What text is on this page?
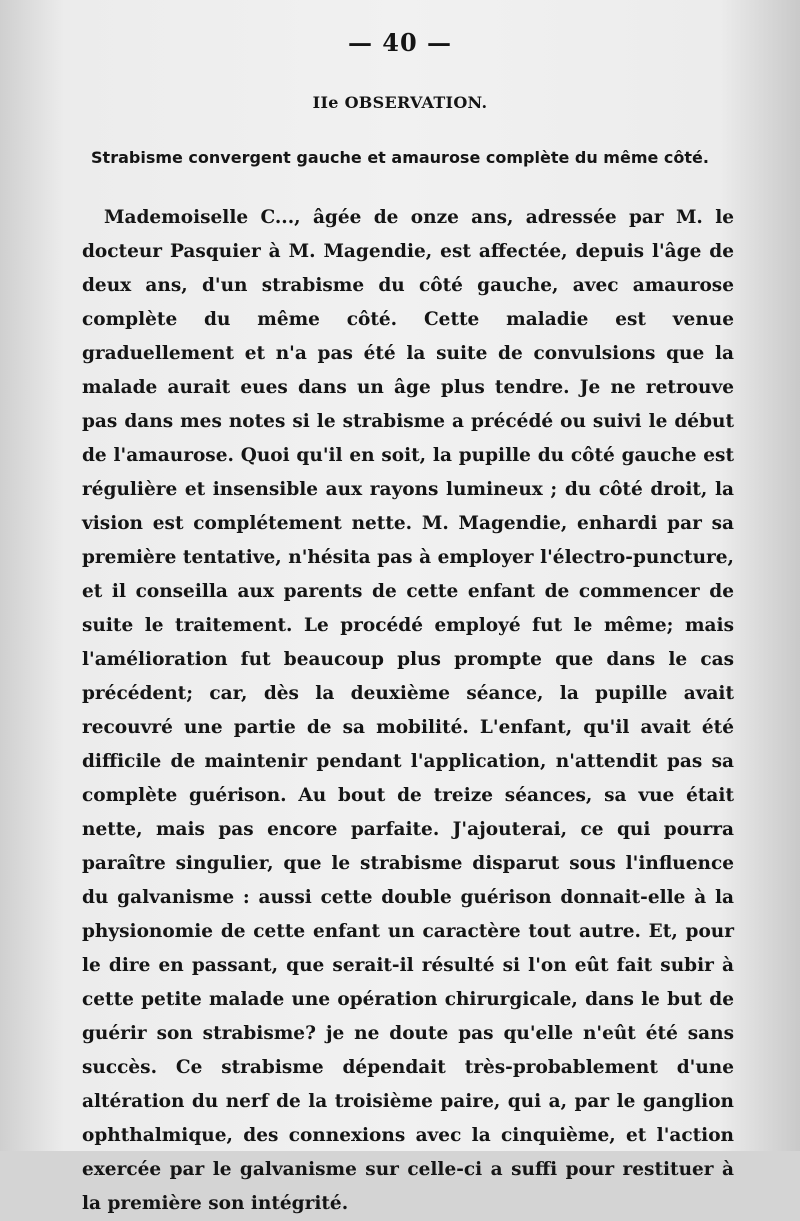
— 40 —
IIe OBSERVATION.
Strabisme convergent gauche et amaurose complète du même côté.

Mademoiselle C..., âgée de onze ans, adressée par M. le docteur Pasquier à M. Magendie, est affectée, depuis l'âge de deux ans, d'un strabisme du côté gauche, avec amaurose complète du même côté. Cette maladie est venue graduellement et n'a pas été la suite de convulsions que la malade aurait eues dans un âge plus tendre. Je ne retrouve pas dans mes notes si le strabisme a précédé ou suivi le début de l'amaurose. Quoi qu'il en soit, la pupille du côté gauche est régulière et insensible aux rayons lumineux ; du côté droit, la vision est complétement nette. M. Magendie, enhardi par sa première tentative, n'hésita pas à employer l'électro-puncture, et il conseilla aux parents de cette enfant de commencer de suite le traitement. Le procédé employé fut le même; mais l'amélioration fut beaucoup plus prompte que dans le cas précédent; car, dès la deuxième séance, la pupille avait recouvré une partie de sa mobilité. L'enfant, qu'il avait été difficile de maintenir pendant l'application, n'attendit pas sa complète guérison. Au bout de treize séances, sa vue était nette, mais pas encore parfaite. J'ajouterai, ce qui pourra paraître singulier, que le strabisme disparut sous l'influence du galvanisme : aussi cette double guérison donnait-elle à la physionomie de cette enfant un caractère tout autre. Et, pour le dire en passant, que serait-il résulté si l'on eût fait subir à cette petite malade une opération chirurgicale, dans le but de guérir son strabisme? je ne doute pas qu'elle n'eût été sans succès. Ce strabisme dépendait très-probablement d'une altération du nerf de la troisième paire, qui a, par le ganglion ophthalmique, des connexions avec la cinquième, et l'action exercée par le galvanisme sur celle-ci a suffi pour restituer à la première son intégrité.
